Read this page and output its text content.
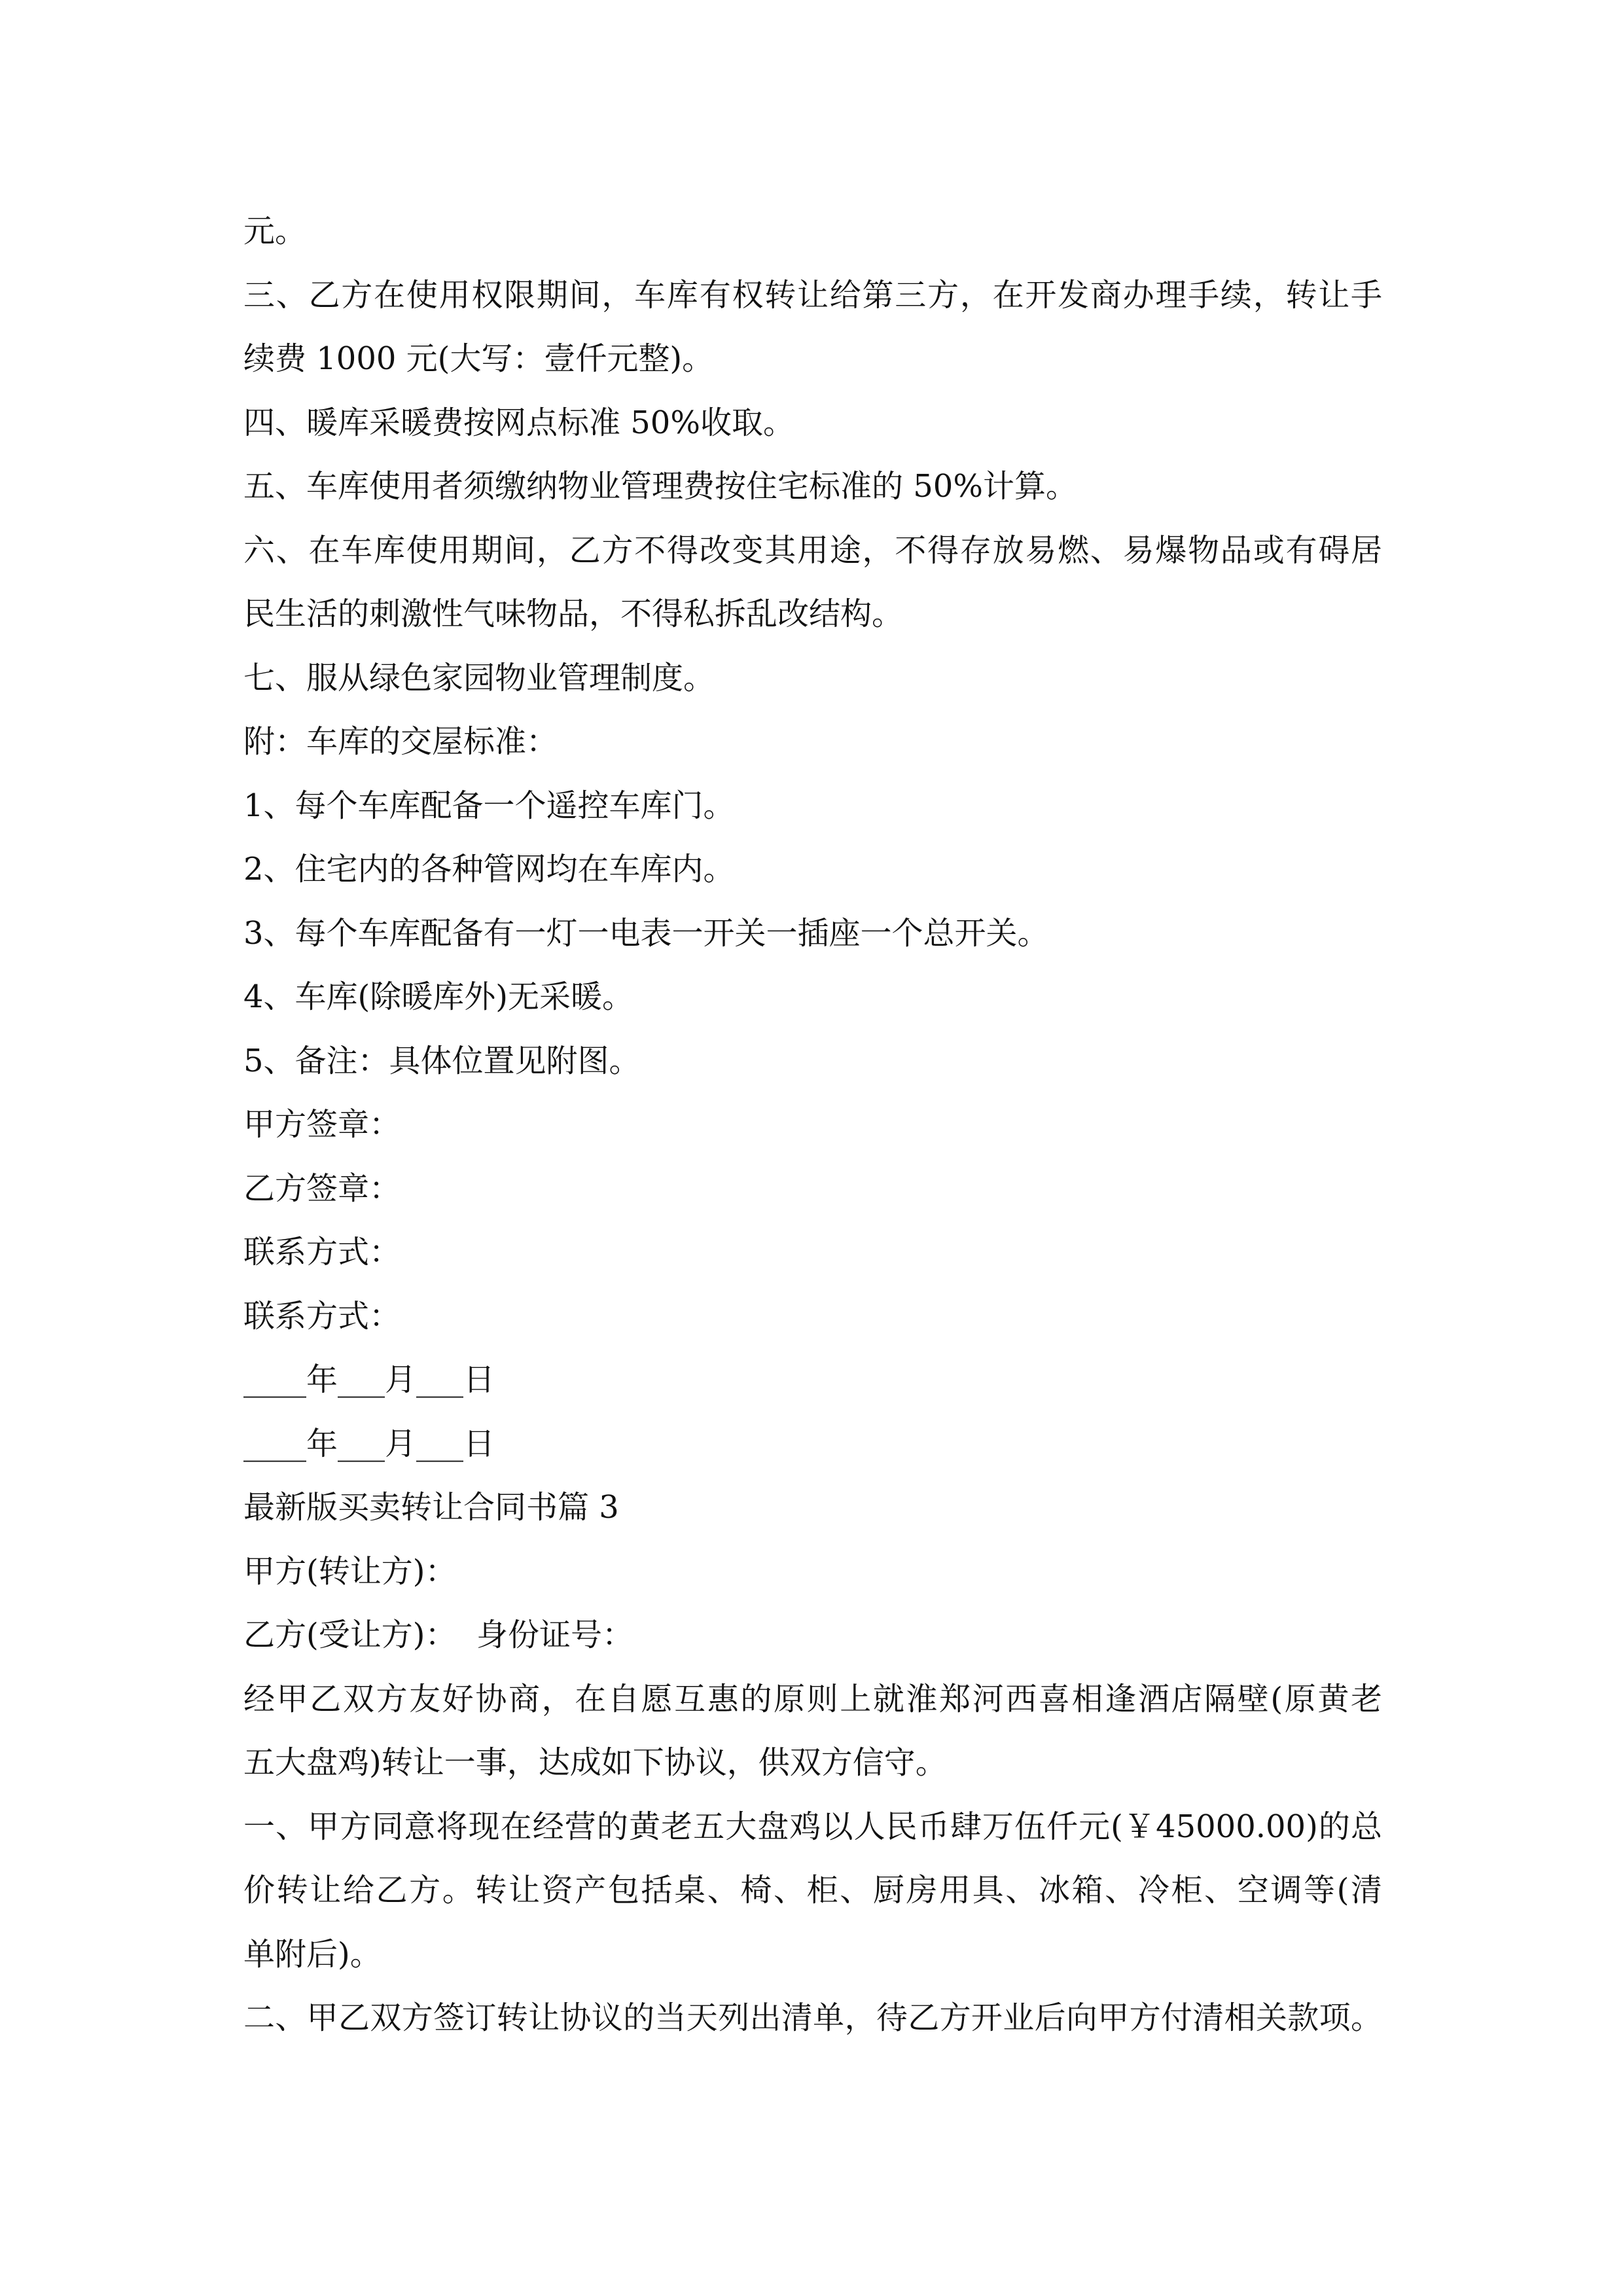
元。
三、乙方在使用权限期间，车库有权转让给第三方，在开发商办理手续，转让手
续费 1000 元(大写：壹仟元整)。
四、暖库采暖费按网点标准 50%收取。
五、车库使用者须缴纳物业管理费按住宅标准的 50%计算。
六、在车库使用期间，乙方不得改变其用途，不得存放易燃、易爆物品或有碍居
民生活的刺激性气味物品，不得私拆乱改结构。
七、服从绿色家园物业管理制度。
附：车库的交屋标准：
1、每个车库配备一个遥控车库门。
2、住宅内的各种管网均在车库内。
3、每个车库配备有一灯一电表一开关一插座一个总开关。
4、车库(除暖库外)无采暖。
5、备注：具体位置见附图。
甲方签章：
乙方签章：
联系方式：
联系方式：
____年___月___日
____年___月___日
最新版买卖转让合同书篇 3
甲方(转让方)：
乙方(受让方)：  身份证号：
经甲乙双方友好协商，在自愿互惠的原则上就淮郑河西喜相逢酒店隔壁(原黄老
五大盘鸡)转让一事，达成如下协议，供双方信守。
一、甲方同意将现在经营的黄老五大盘鸡以人民币肆万伍仟元(￥45000.00)的总
价转让给乙方。转让资产包括桌、椅、柜、厨房用具、冰箱、冷柜、空调等(清
单附后)。
二、甲乙双方签订转让协议的当天列出清单，待乙方开业后向甲方付清相关款项。
